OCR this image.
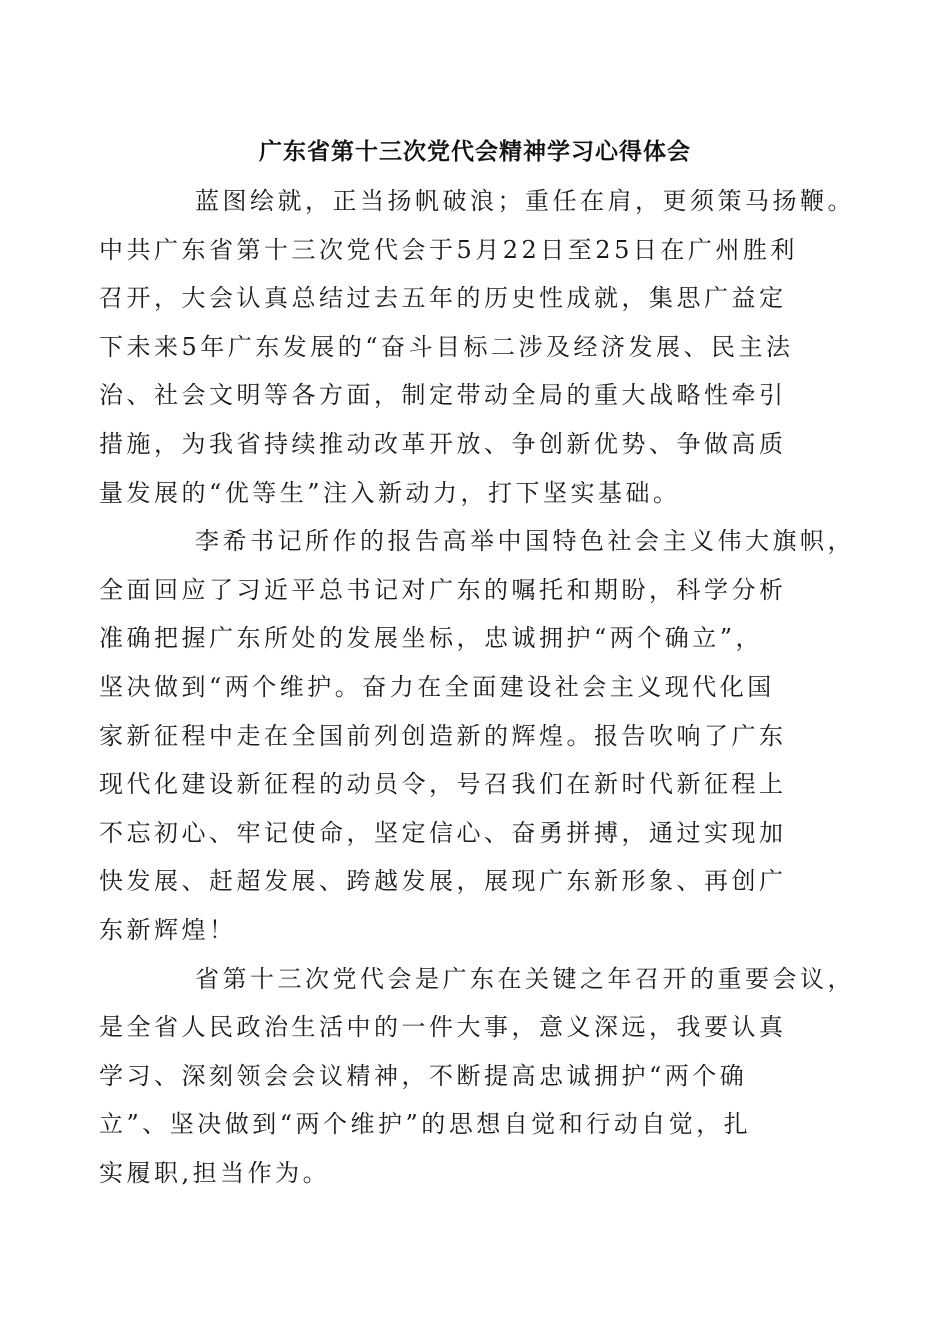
广东省第十三次党代会精神学习心得体会
蓝图绘就，正当扬帆破浪；重任在肩，更须策马扬鞭。
中共广东省第十三次党代会于5月22日至25日在广州胜利
召开，大会认真总结过去五年的历史性成就，集思广益定
下未来5年广东发展的“奋斗目标二涉及经济发展、民主法
治、社会文明等各方面，制定带动全局的重大战略性牵引
措施，为我省持续推动改革开放、争创新优势、争做高质
量发展的“优等生”注入新动力，打下坚实基础。
李希书记所作的报告高举中国特色社会主义伟大旗帜，
全面回应了习近平总书记对广东的嘱托和期盼，科学分析
准确把握广东所处的发展坐标，忠诚拥护“两个确立”，
坚决做到“两个维护。奋力在全面建设社会主义现代化国
家新征程中走在全国前列创造新的辉煌。报告吹响了广东
现代化建设新征程的动员令，号召我们在新时代新征程上
不忘初心、牢记使命，坚定信心、奋勇拼搏，通过实现加
快发展、赶超发展、跨越发展，展现广东新形象、再创广
东新辉煌！
省第十三次党代会是广东在关键之年召开的重要会议，
是全省人民政治生活中的一件大事，意义深远，我要认真
学习、深刻领会会议精神，不断提高忠诚拥护“两个确
立”、坚决做到“两个维护”的思想自觉和行动自觉，扎
实履职,担当作为。
